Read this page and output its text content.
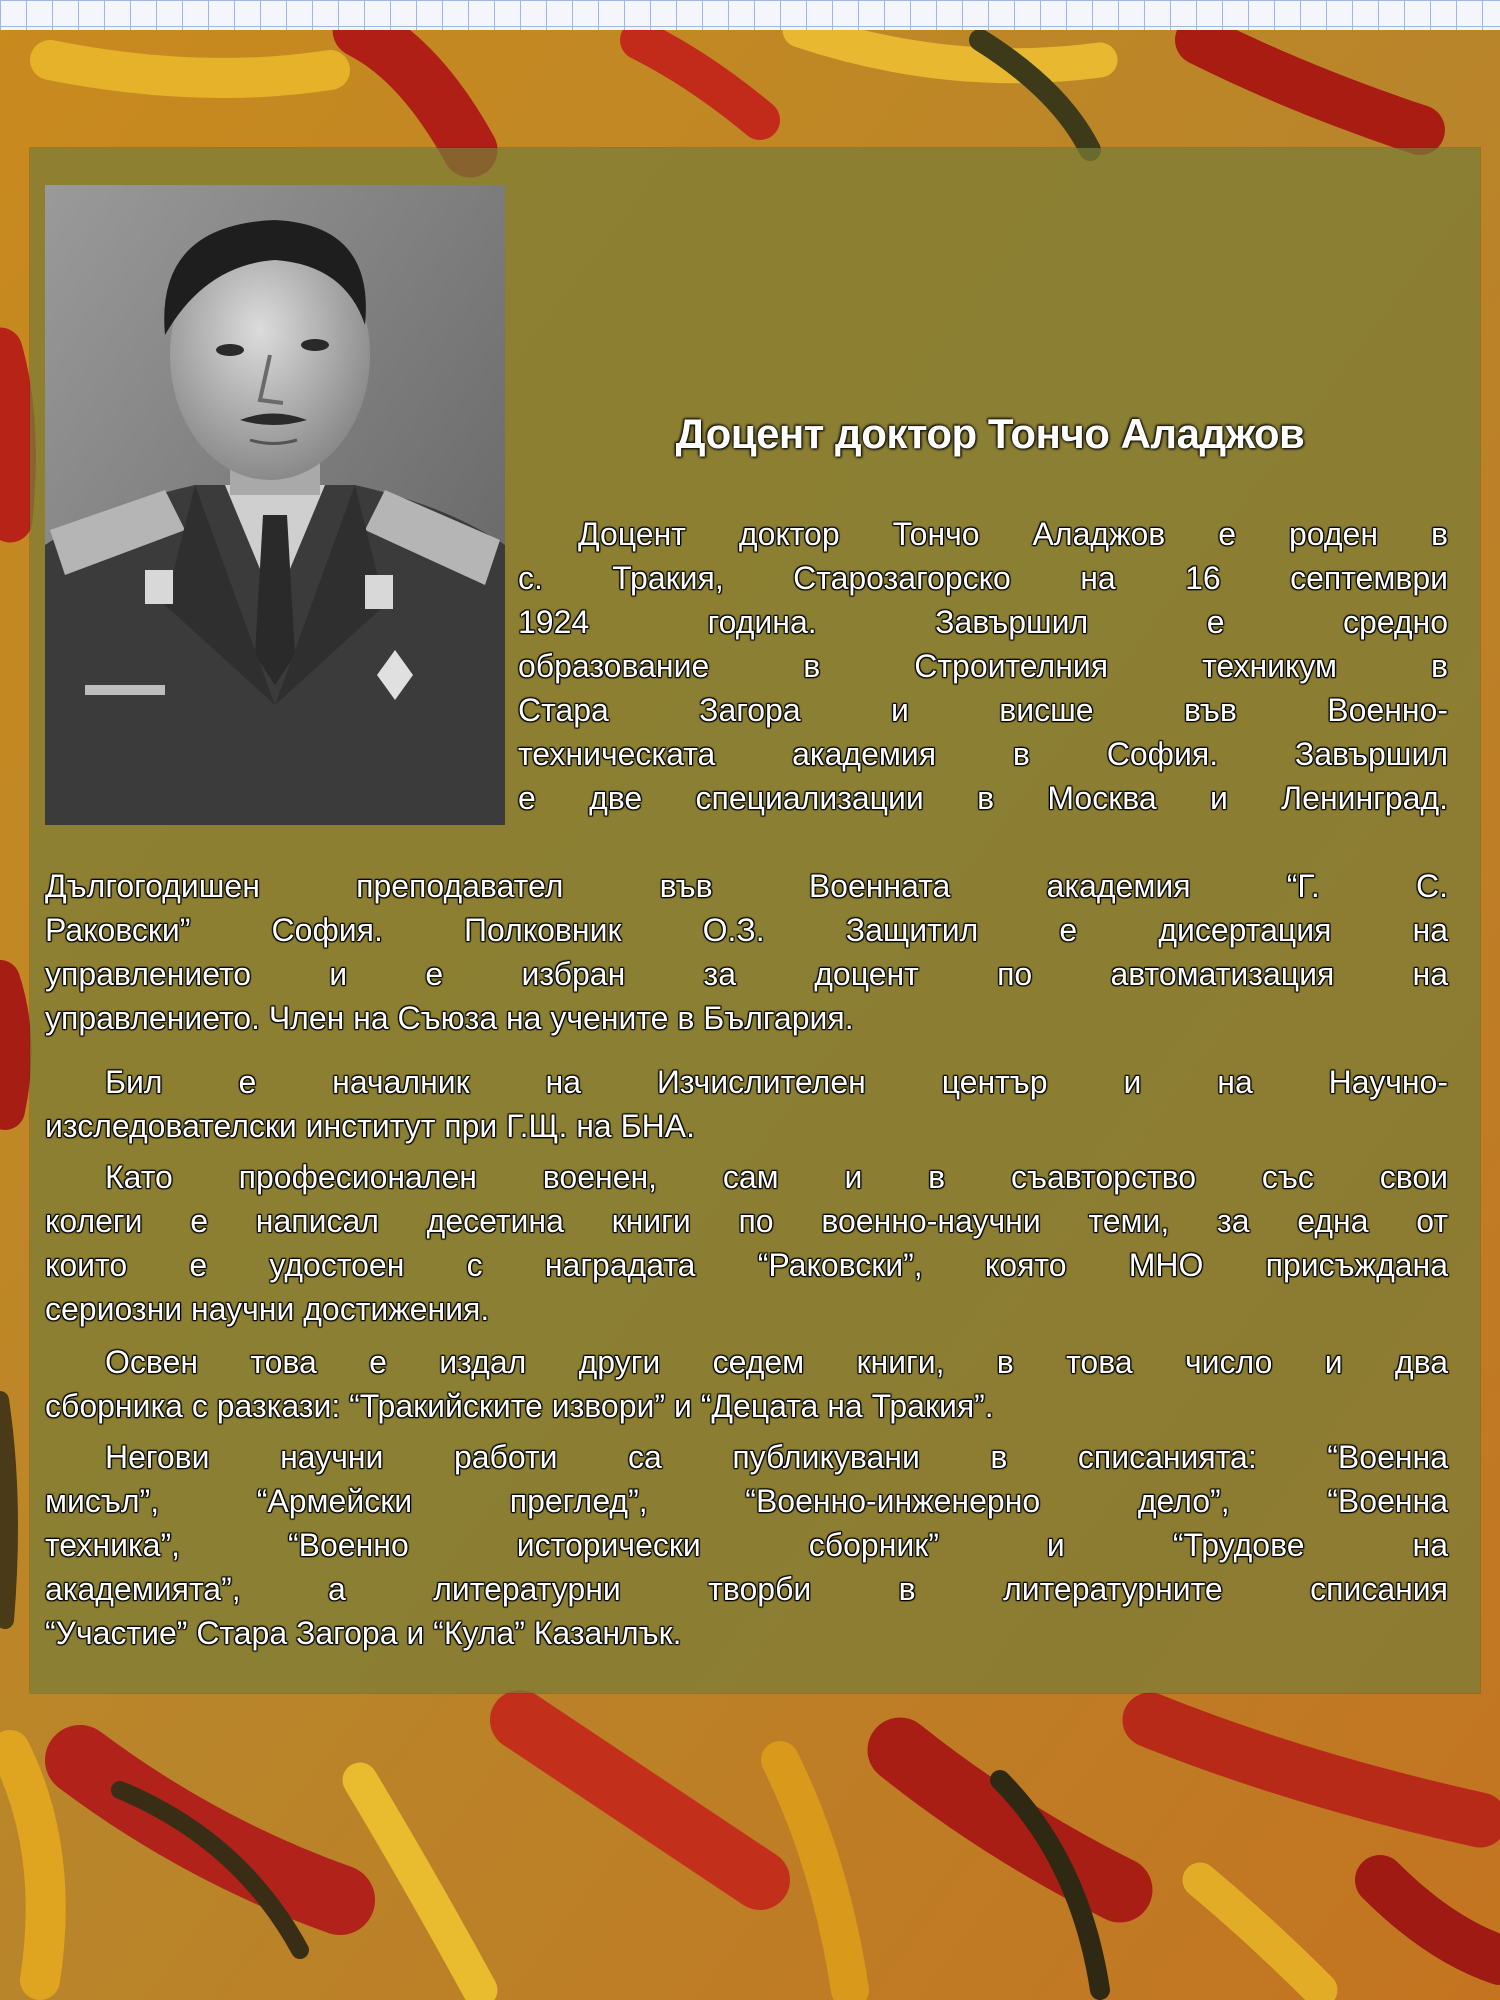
Доцент доктор Тончо Аладжов
Доцент доктор Тончо Аладжов е роден в
с. Тракия, Старозагорско на 16 септември
1924 година. Завършил е средно
образование в Строителния техникум в
Стара Загора и висше във Военно-
техническата академия в София. Завършил
е две специализации в Москва и Ленинград.
Дългогодишен преподавател във Военната академия “Г. С.
Раковски” София. Полковник О.З. Защитил е дисертация на
управлението и е избран за доцент по автоматизация на
управлението. Член на Съюза на учените в България.
Бил е началник на Изчислителен център и на Научно-
изследователски институт при Г.Щ. на БНА.
Като професионален военен, сам и в съавторство със свои
колеги е написал десетина книги по военно-научни теми, за една от
които е удостоен с наградата “Раковски”, която МНО присъждана
сериозни научни достижения.
Освен това е издал други седем книги, в това число и два
сборника с разкази: “Тракийските извори” и “Децата на Тракия”.
Негови научни работи са публикувани в списанията: “Военна
мисъл”, “Армейски преглед”, “Военно-инженерно дело”, “Военна
техника”, “Военно исторически сборник” и “Трудове на
академията”, а литературни творби в литературните списания
“Участие” Стара Загора и “Кула” Казанлък.
